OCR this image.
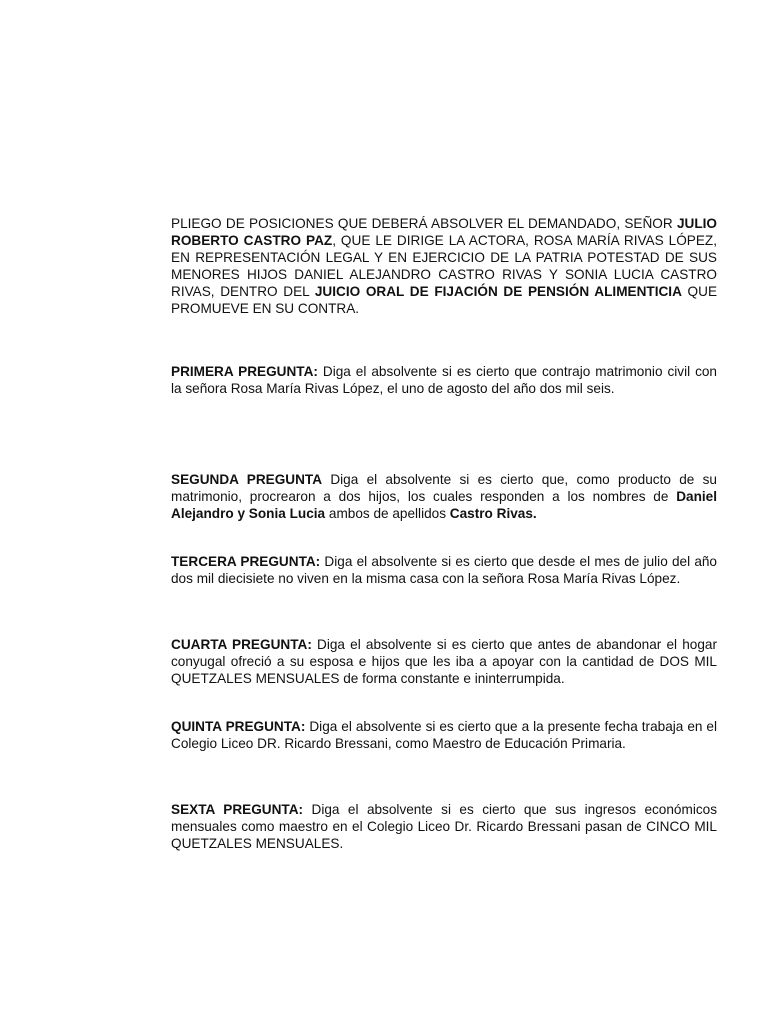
PLIEGO DE POSICIONES QUE DEBERÁ ABSOLVER EL DEMANDADO, SEÑOR JULIO ROBERTO CASTRO PAZ, QUE LE DIRIGE LA ACTORA, ROSA MARÍA RIVAS LÓPEZ, EN REPRESENTACIÓN LEGAL Y EN EJERCICIO DE LA PATRIA POTESTAD DE SUS MENORES HIJOS DANIEL ALEJANDRO CASTRO RIVAS Y SONIA LUCIA CASTRO RIVAS, DENTRO DEL JUICIO ORAL DE FIJACIÓN DE PENSIÓN ALIMENTICIA QUE PROMUEVE EN SU CONTRA.

PRIMERA PREGUNTA: Diga el absolvente si es cierto que contrajo matrimonio civil con la señora Rosa María Rivas López, el uno de agosto del año dos mil seis.

SEGUNDA PREGUNTA Diga el absolvente si es cierto que, como producto de su matrimonio, procrearon a dos hijos, los cuales responden a los nombres de Daniel Alejandro y Sonia Lucia ambos de apellidos Castro Rivas.

TERCERA PREGUNTA: Diga el absolvente si es cierto que desde el mes de julio del año dos mil diecisiete no viven en la misma casa con la señora Rosa María Rivas López.

CUARTA PREGUNTA: Diga el absolvente si es cierto que antes de abandonar el hogar conyugal ofreció a su esposa e hijos que les iba a apoyar con la cantidad de DOS MIL QUETZALES MENSUALES de forma constante e ininterrumpida.

QUINTA PREGUNTA: Diga el absolvente si es cierto que a la presente fecha trabaja en el Colegio Liceo DR. Ricardo Bressani, como Maestro de Educación Primaria.

SEXTA PREGUNTA: Diga el absolvente si es cierto que sus ingresos económicos mensuales como maestro en el Colegio Liceo Dr. Ricardo Bressani pasan de CINCO MIL QUETZALES MENSUALES.
